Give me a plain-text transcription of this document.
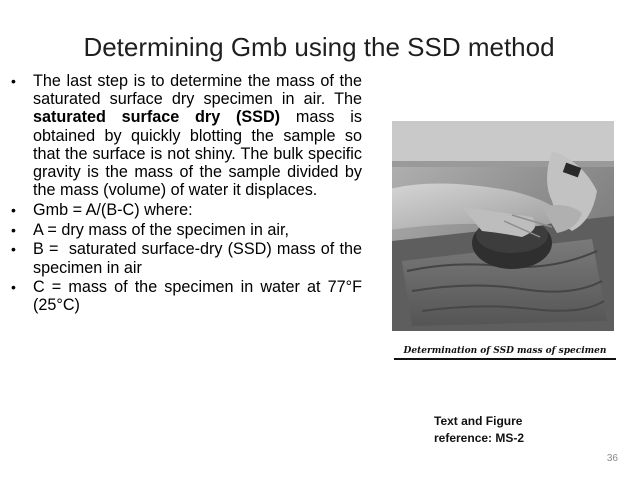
Determining Gmb using the SSD method
•	The last step is to determine the mass of the saturated surface dry specimen in air. The saturated surface dry (SSD) mass is obtained by quickly blotting the sample so that the surface is not shiny. The bulk specific gravity is the mass of the sample divided by the mass (volume) of water it displaces.
•	Gmb = A/(B-C) where:
•	A = dry mass of the specimen in air,
•	B =  saturated surface-dry (SSD) mass of the specimen in air
•	C = mass of the specimen in water at 77°F (25°C)
Determination of SSD mass of specimen
Text and Figure
reference: MS-2
36
